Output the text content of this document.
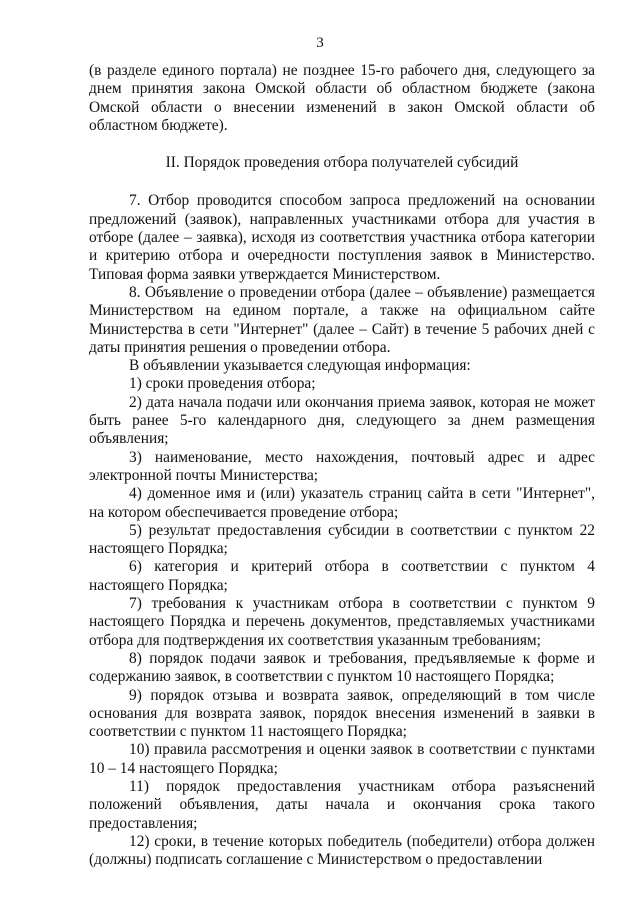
3

(в разделе единого портала) не позднее 15-го рабочего дня, следующего за днем принятия закона Омской области об областном бюджете (закона Омской области о внесении изменений в закон Омской области об областном бюджете).

II. Порядок проведения отбора получателей субсидий

7. Отбор проводится способом запроса предложений на основании предложений (заявок), направленных участниками отбора для участия в отборе (далее – заявка), исходя из соответствия участника отбора категории и критерию отбора и очередности поступления заявок в Министерство. Типовая форма заявки утверждается Министерством.

8. Объявление о проведении отбора (далее – объявление) размещается Министерством на едином портале, а также на официальном сайте Министерства в сети "Интернет" (далее – Сайт) в течение 5 рабочих дней с даты принятия решения о проведении отбора.

В объявлении указывается следующая информация:

1) сроки проведения отбора;

2) дата начала подачи или окончания приема заявок, которая не может быть ранее 5-го календарного дня, следующего за днем размещения объявления;

3) наименование, место нахождения, почтовый адрес и адрес электронной почты Министерства;

4) доменное имя и (или) указатель страниц сайта в сети "Интернет", на котором обеспечивается проведение отбора;

5) результат предоставления субсидии в соответствии с пунктом 22 настоящего Порядка;

6) категория и критерий отбора в соответствии с пунктом 4 настоящего Порядка;

7) требования к участникам отбора в соответствии с пунктом 9 настоящего Порядка и перечень документов, представляемых участниками отбора для подтверждения их соответствия указанным требованиям;

8) порядок подачи заявок и требования, предъявляемые к форме и содержанию заявок, в соответствии с пунктом 10 настоящего Порядка;

9) порядок отзыва и возврата заявок, определяющий в том числе основания для возврата заявок, порядок внесения изменений в заявки в соответствии с пунктом 11 настоящего Порядка;

10) правила рассмотрения и оценки заявок в соответствии с пунктами 10 – 14 настоящего Порядка;

11) порядок предоставления участникам отбора разъяснений положений объявления, даты начала и окончания срока такого предоставления;

12) сроки, в течение которых победитель (победители) отбора должен (должны) подписать соглашение с Министерством о предоставлении
